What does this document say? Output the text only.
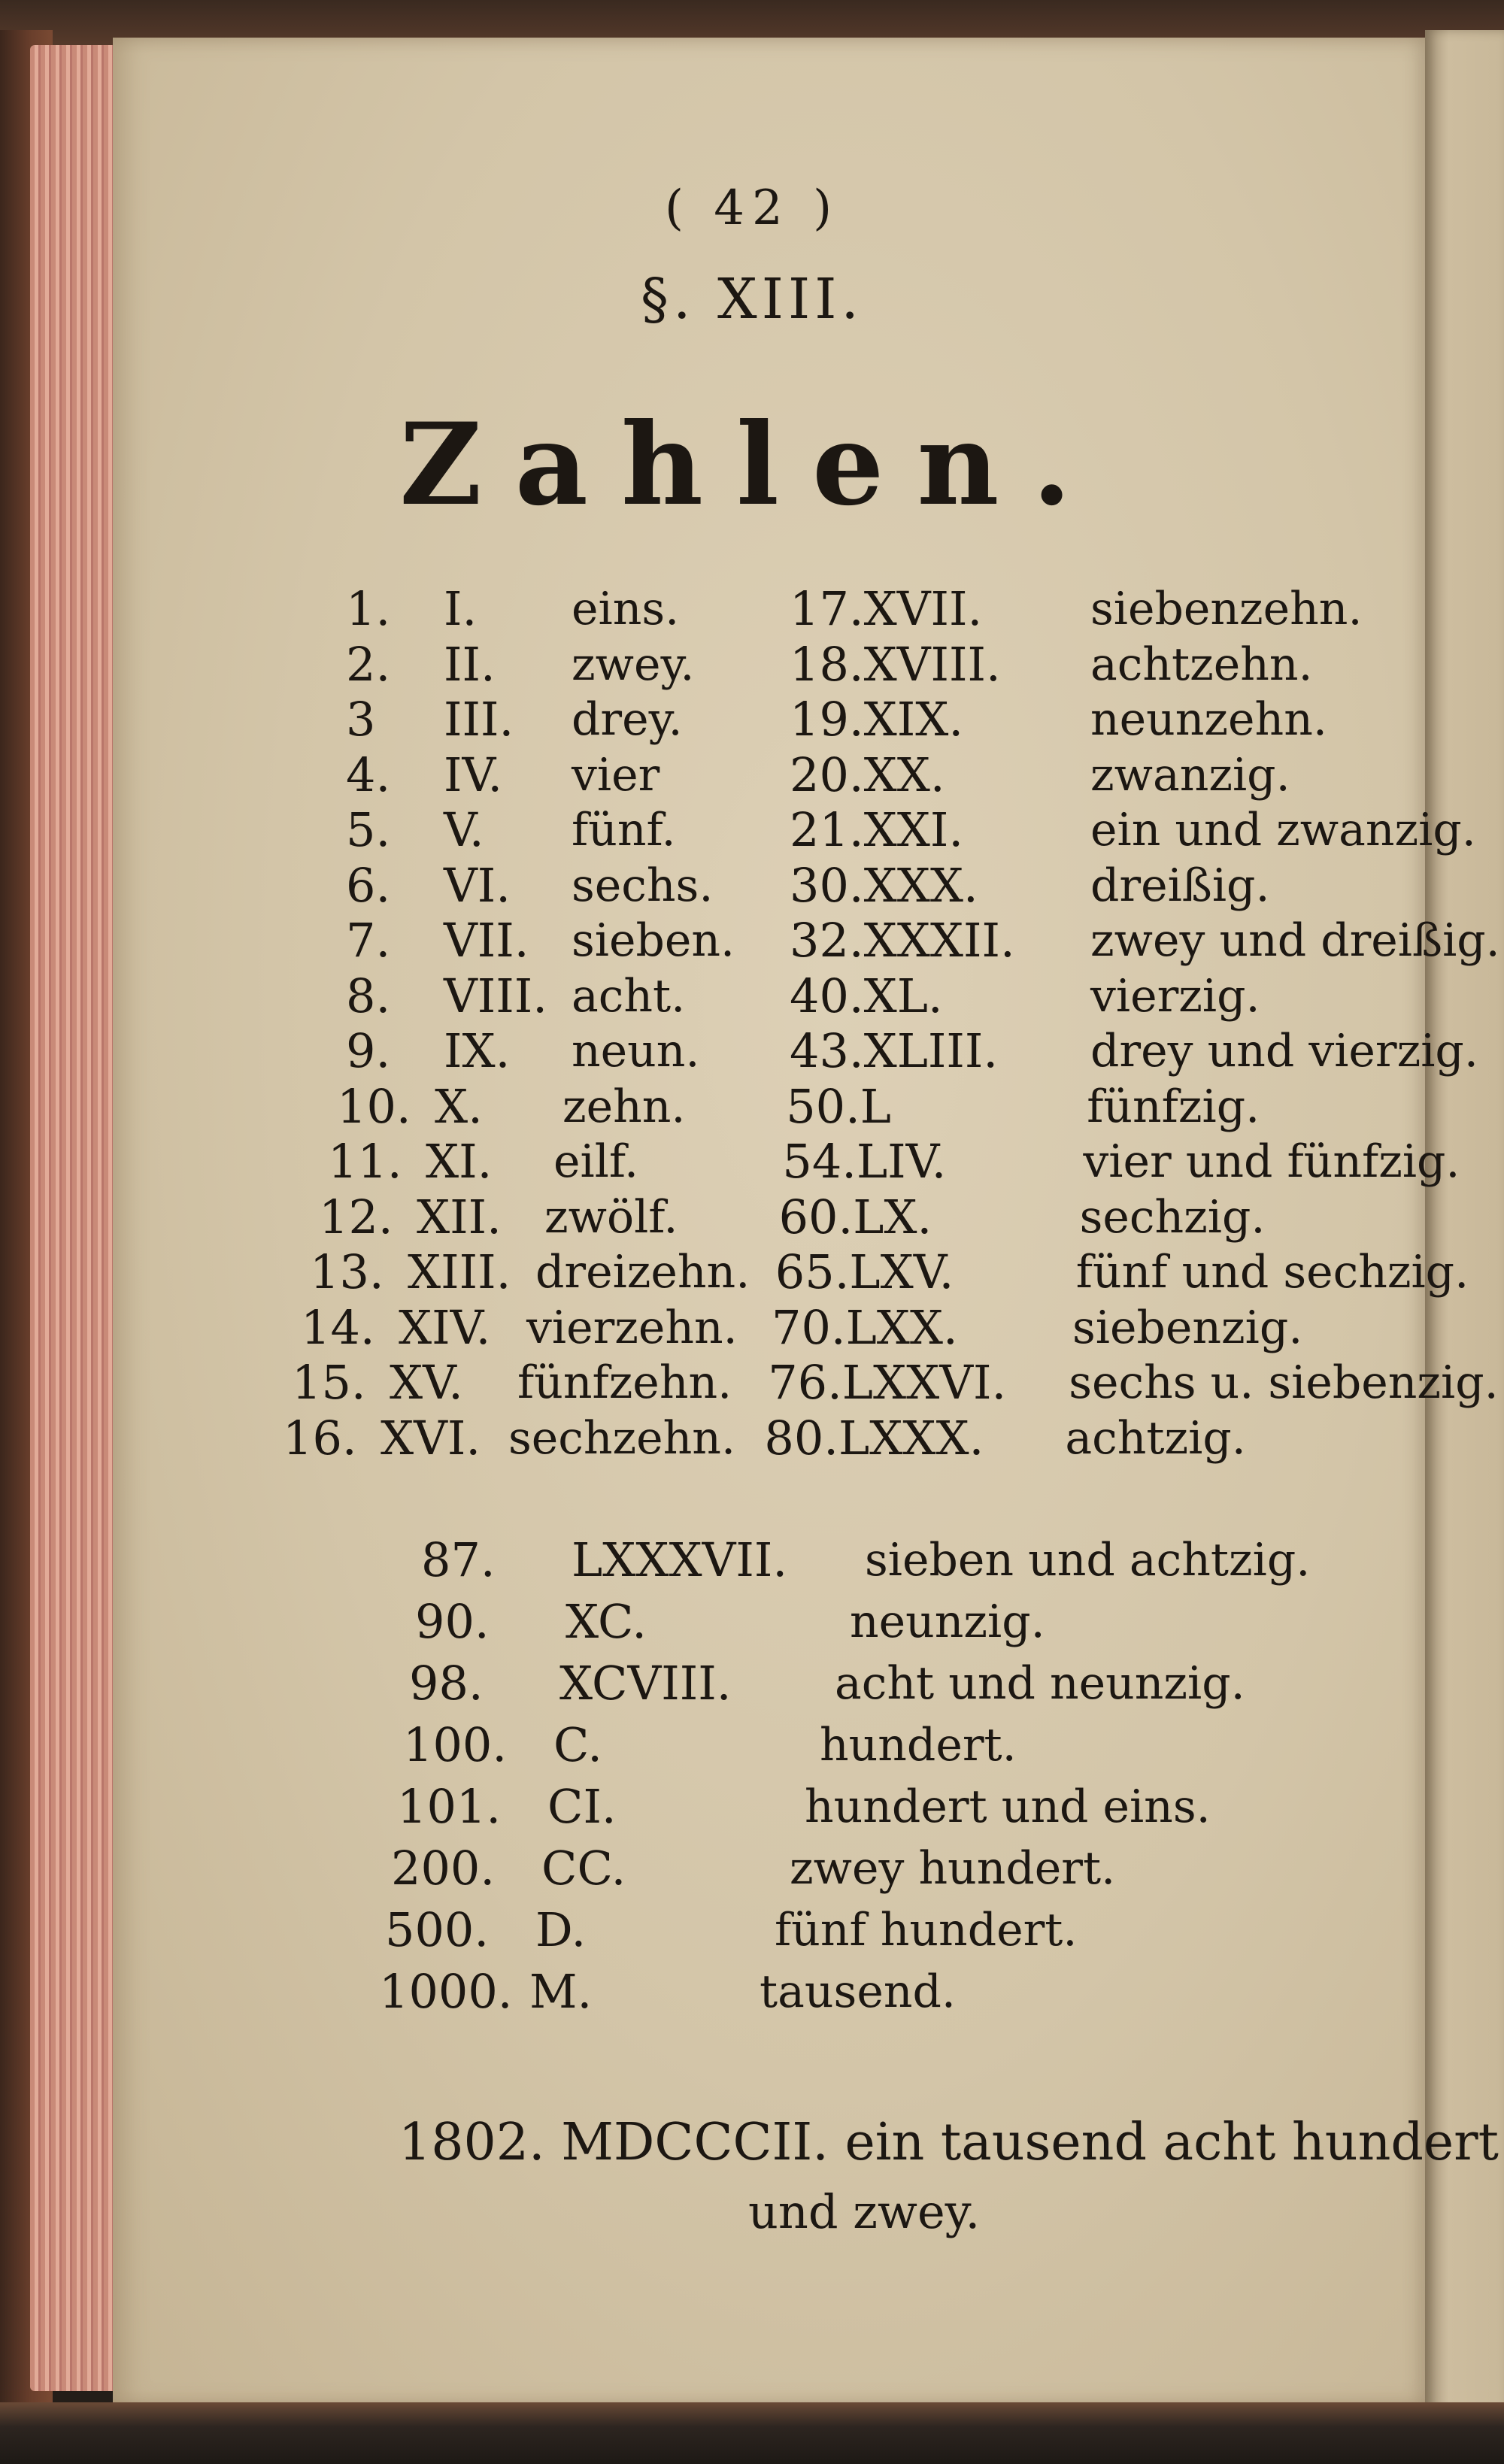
( 42 )
§. XIII.
Zahlen.
1. I. eins. 17.XVII. siebenzehn.
2. II. zwey. 18.XVIII. achtzehn.
3 III. drey. 19.XIX.	neunzehn.
4. IV. vier	20.XX.	zwanzig.
5. V. fünf. 21.XXI.	ein und zwanzig.
6. VI. sechs. 30.XXX. dreißig.
7. VII. sieben. 32.XXXII. zwey und dreißig.
8. VIII. acht. 40.XL.	vierzig.
9. IX. neun. 43.XLIII. drey und vierzig.
10. X. zehn. 50.L	fünfzig.
11. XI. eilf.	54.LIV.	vier und fünfzig.
12. XII. zwölf. 60.LX.	sechzig.
13. XIII. dreizehn. 65.LXV.	fünf und sechzig.
14. XIV. vierzehn. 70.LXX.	siebenzig.
15. XV. fünfzehn. 76.LXXVI. sechs u. siebenzig.
16. XVI. sechzehn. 80.LXXX. achtzig.
87. LXXXVII. sieben und achtzig.
90. XC.	neunzig.
98. XCVIII. acht und neunzig.
100. C.	hundert.
101. CI.	hundert und eins.
200. CC.	zwey hundert.
500. D.	fünf hundert.
1000. M.	tausend.
1802. MDCCCII. ein tausend acht hundert
und zwey.
